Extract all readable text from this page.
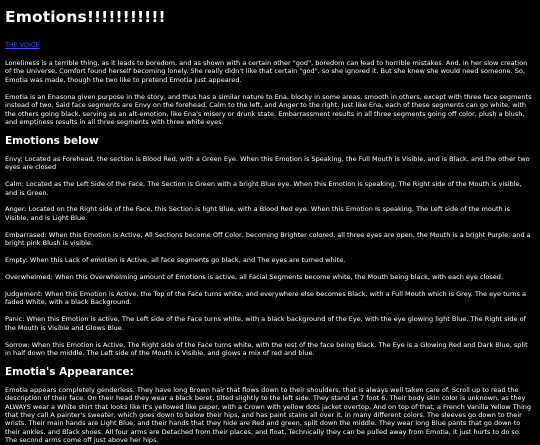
Emotions!!!!!!!!!!!
THE VOICE

Loneliness is a terrible thing, as it leads to boredom, and as shown with a certain other "god", boredom can lead to horrible mistakes. And, in her slow creation of the Universe, Comfort found herself becoming lonely. She really didn't like that certain "god", so she ignored it. But she knew she would need someone. So, Emotia was made, though the two like to pretend Emotia just appeared.

Emotia is an Enasona given purpose in the story, and thus has a similar nature to Ena, blocky in some areas, smooth in others, except with three face segments instead of two. Said face segments are Envy on the forehead, Calm to the left, and Anger to the right. Just like Ena, each of these segments can go white, with the others going black, serving as an alt-emotion, like Ena's misery or drunk state. Embarrassment results in all three segments going off color, plush a blush, and emptiness results in all three segments with three white eyes.

Emotions below

Envy: Located as Forehead, the section is Blood Red, with a Green Eye. When this Emotion is Speaking, the Full Mouth is Visible, and is Black, and the other two eyes are closed

Calm: Located as the Left Side of the Face, The Section is Green with a bright Blue eye. When this Emotion is speaking, The Right side of the Mouth is visible, and is Green.

Anger: Located on the Right side of the Face, this Section is light Blue, with a Blood Red eye. When this Emotion Is speaking, The Left side of the mouth is Visible, and is Light Blue.

Embarrased: When this Emotion is Active, All Sections become Off Color, becoming Brighter colored, all three eyes are open, the Mouth is a bright Purple, and a bright pink Blush is visible.

Empty: When this Lack of emotion is Active, all face segments go black, and The eyes are turned white.

Overwhelmed: When this Overwhelming amount of Emotions is active, all Facial Segments become white, the Mouth being black, with each eye closed.

Judgement: When this Emotion is Active, the Top of the Face turns white, and everywhere else becomes Black, with a Full Mouth which is Grey. The eye turns a faded White, with a black Background.

Panic: When this Emotion is active, The Left side of the Face turns white, with a black background of the Eye, with the eye glowing light Blue. The Right side of the Mouth is Visible and Glows Blue.

Sorrow: When this Emotion is Active, The Right side of the Face turns white, with the rest of the face being Black. The Eye is a Glowing Red and Dark Blue, split in half down the middle. The Left side of the Mouth is Visible, and glows a mix of red and blue.

Emotia's Appearance:

Emotia appears completely genderless. They have long Brown hair that flows down to their shoulders, that is always well taken care of. Scroll up to read the description of their face. On their head they wear a black beret, tilted slightly to the left side. They stand at 7 foot 6. Their body skin color is unknown, as they ALWAYS wear a White shirt that looks like it's yellowed like paper, with a Crown with yellow dots jacket overtop, And on top of that, a French Vanilla Yellow Thing that they call A painter's sweater, which goes down to below their hips, and has paint stains all over it, in many different colors. The sleeves go down to their wrists. Their main hands are Light Blue, and their hands that they hide are Red and green, split down the middle. They wear long Blue pants that go down to their ankles, and Black shoes. All four arms are Detached from their places, and float. Technically they can be pulled away from Emotia, it just hurts to do so. The second arms come off just above her hips.
